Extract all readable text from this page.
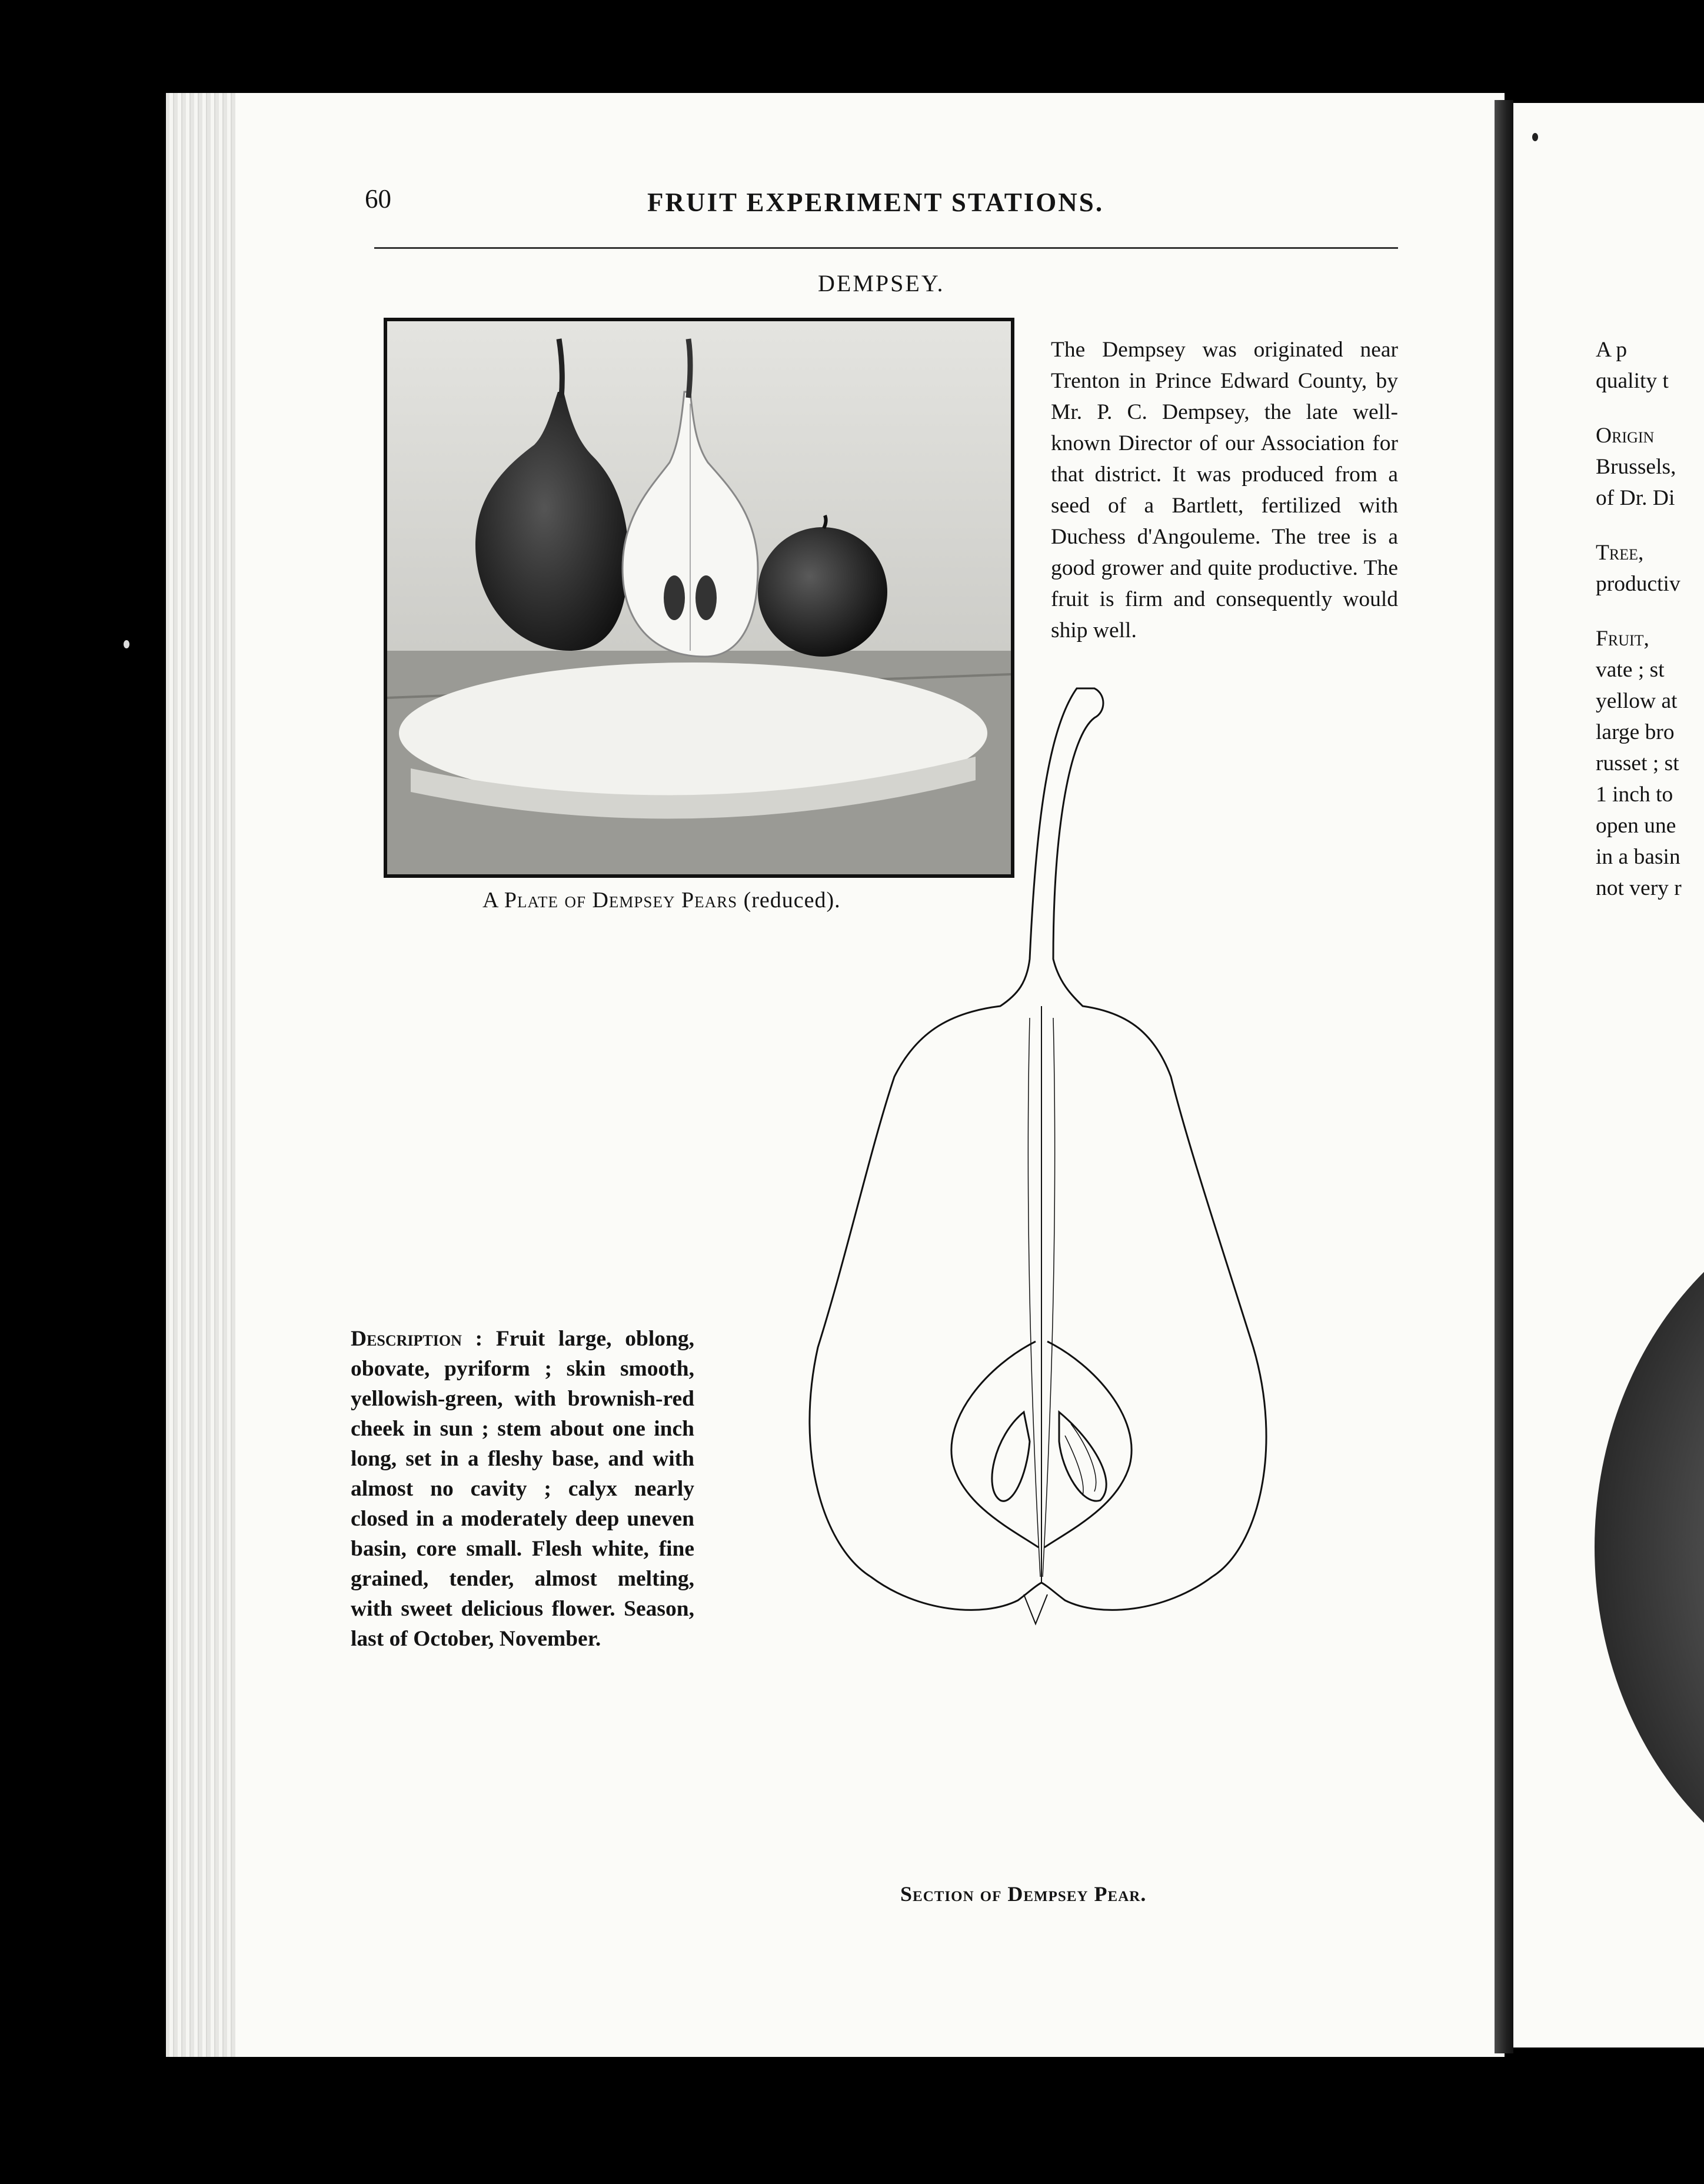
60	FRUIT EXPERIMENT STATIONS.
DEMPSEY.
A Plate of Dempsey Pears (reduced).
The Dempsey was originated near Trenton in Prince Edward County, by Mr. P. C. Dempsey, the late well-known Director of our Association for that district. It was produced from a seed of a Bartlett, fertilized with Duchess d'Angouleme. The tree is a good grower and quite productive. The fruit is firm and consequently would ship well.
Description : Fruit large, oblong, obovate, pyriform ; skin smooth, yellowish-green, with brownish-red cheek in sun ; stem about one inch long, set in a fleshy base, and with almost no cavity ; calyx nearly closed in a moderately deep uneven basin, core small. Flesh white, fine grained, tender, almost melting, with sweet delicious flower. Season, last of October, November.
Section of Dempsey Pear.
A p
quality t
Origin
Brussels,
of Dr. Di
Tree,
productiv
Fruit,
vate ; st
yellow at
large bro
russet ; st
1 inch to
open une
in a basin
not very r
